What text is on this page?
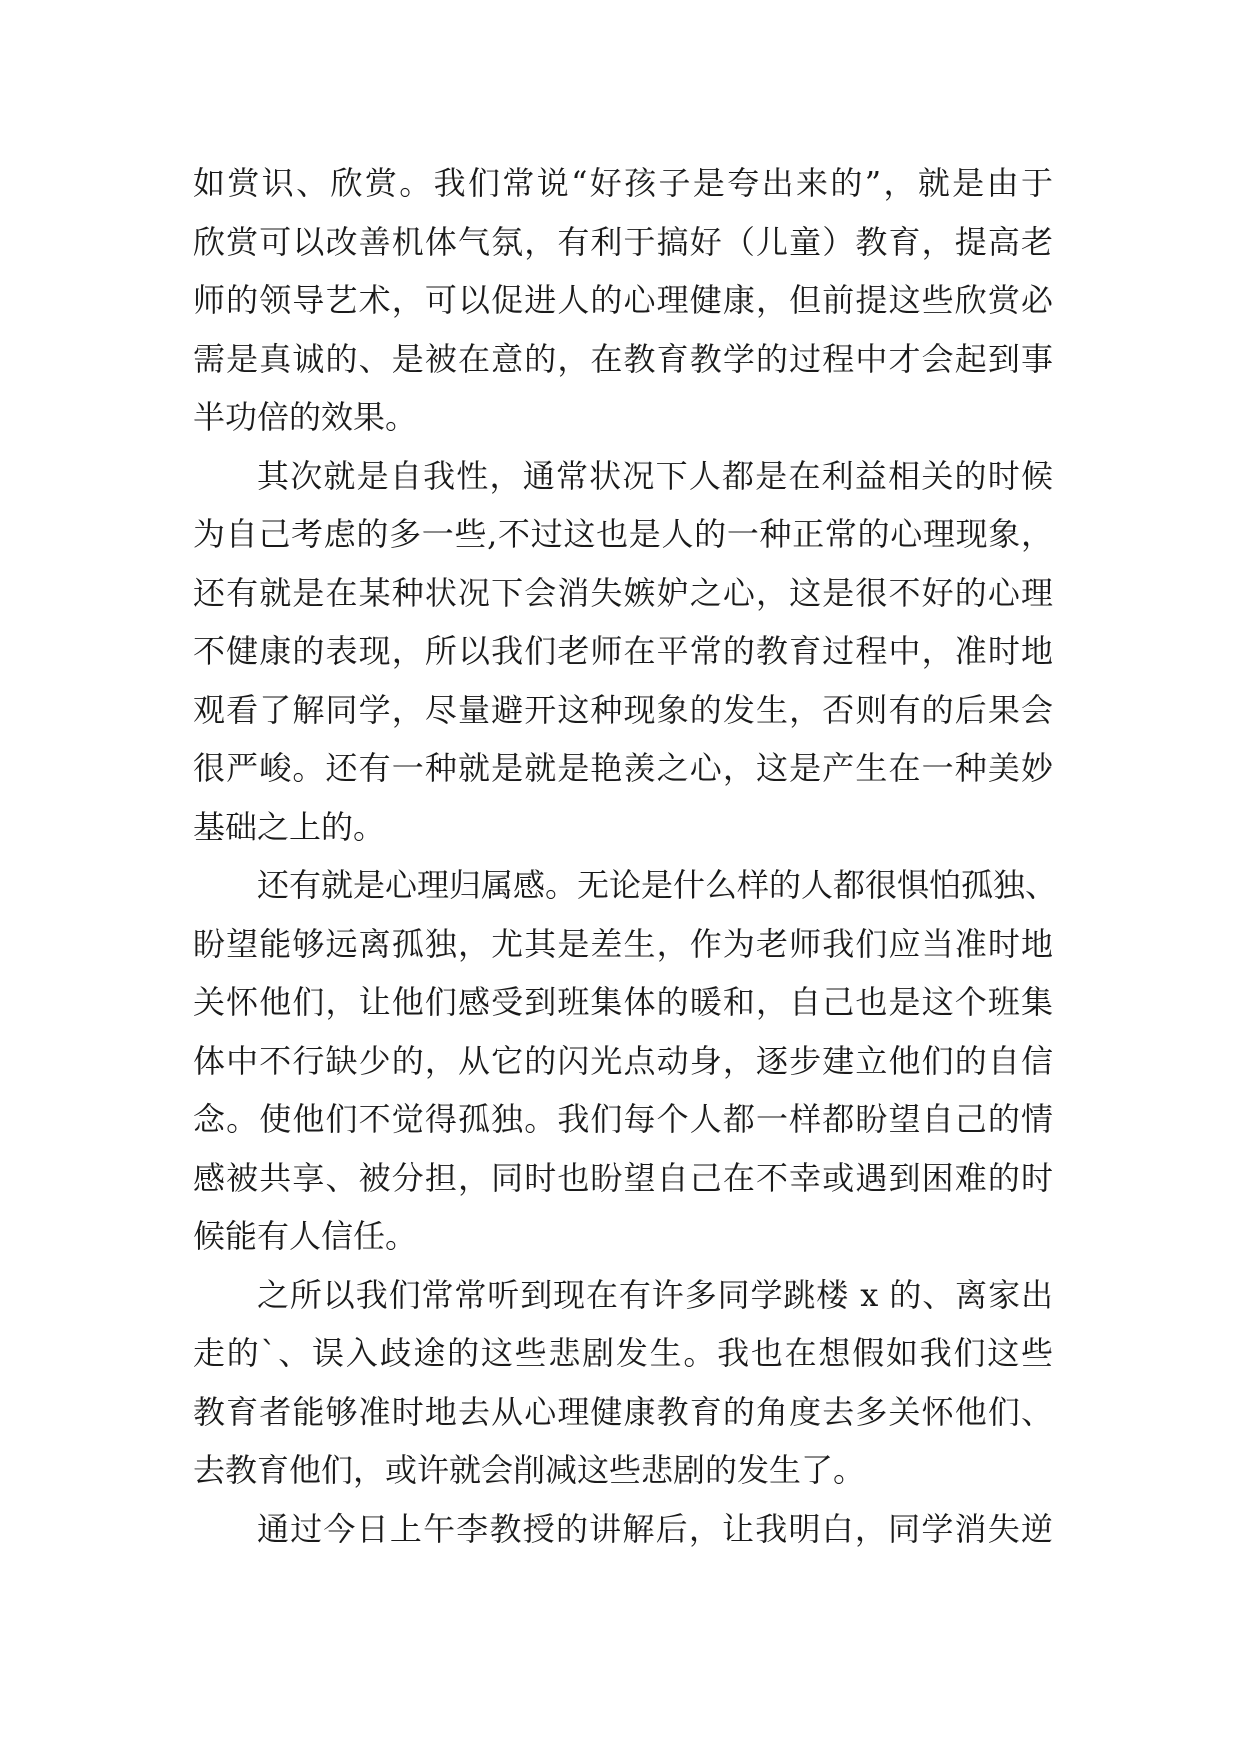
如赏识、欣赏。我们常说“好孩子是夸出来的”，就是由于
欣赏可以改善机体气氛，有利于搞好（儿童）教育，提高老
师的领导艺术，可以促进人的心理健康，但前提这些欣赏必
需是真诚的、是被在意的，在教育教学的过程中才会起到事
半功倍的效果。
其次就是自我性，通常状况下人都是在利益相关的时候
为自己考虑的多一些,不过这也是人的一种正常的心理现象，
还有就是在某种状况下会消失嫉妒之心，这是很不好的心理
不健康的表现，所以我们老师在平常的教育过程中，准时地
观看了解同学，尽量避开这种现象的发生，否则有的后果会
很严峻。还有一种就是就是艳羡之心，这是产生在一种美妙
基础之上的。
还有就是心理归属感。无论是什么样的人都很惧怕孤独、
盼望能够远离孤独，尤其是差生，作为老师我们应当准时地
关怀他们，让他们感受到班集体的暖和，自己也是这个班集
体中不行缺少的，从它的闪光点动身，逐步建立他们的自信
念。使他们不觉得孤独。我们每个人都一样都盼望自己的情
感被共享、被分担，同时也盼望自己在不幸或遇到困难的时
候能有人信任。
之所以我们常常听到现在有许多同学跳楼 x 的、离家出
走的`、误入歧途的这些悲剧发生。我也在想假如我们这些
教育者能够准时地去从心理健康教育的角度去多关怀他们、
去教育他们，或许就会削减这些悲剧的发生了。
通过今日上午李教授的讲解后，让我明白，同学消失逆
